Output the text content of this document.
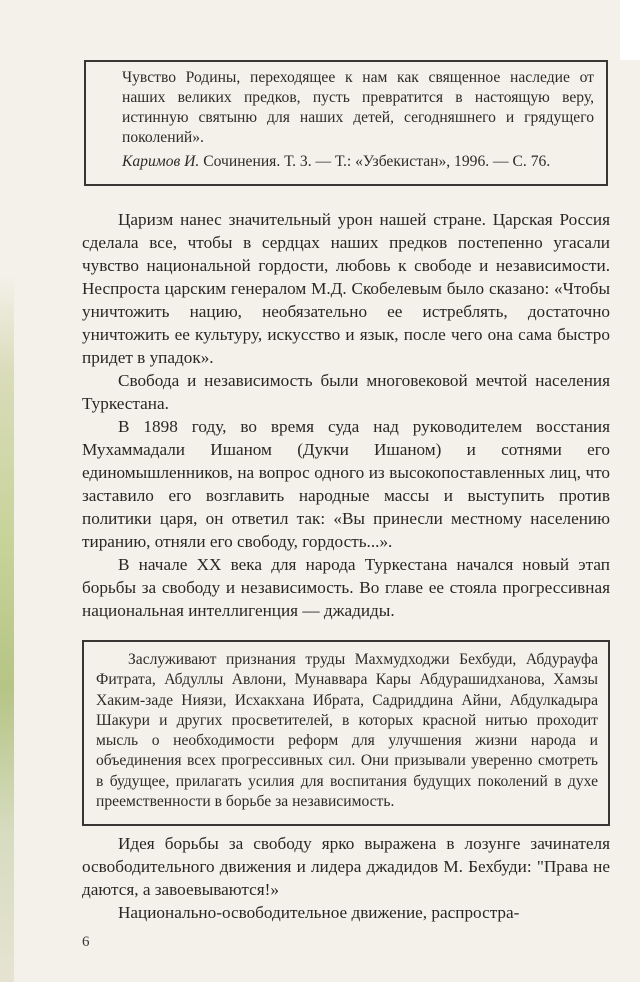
Чувство Родины, переходящее к нам как священное наследие от наших великих предков, пусть превратится в настоящую веру, истинную святыню для наших детей, сегодняшнего и грядущего поколений».

Каримов И. Сочинения. Т. 3. — Т.: «Узбекистан», 1996. — С. 76.

Царизм нанес значительный урон нашей стране. Царская Россия сделала все, чтобы в сердцах наших предков постепенно угасали чувство национальной гордости, любовь к свободе и независимости. Неспроста царским генералом М.Д. Скобелевым было сказано: «Чтобы уничтожить нацию, необязательно ее истреблять, достаточно уничтожить ее культуру, искусство и язык, после чего она сама быстро придет в упадок».

Свобода и независимость были многовековой мечтой населения Туркестана.

В 1898 году, во время суда над руководителем восстания Мухаммадали Ишаном (Дукчи Ишаном) и сотнями его единомышленников, на вопрос одного из высокопоставленных лиц, что заставило его возглавить народные массы и выступить против политики царя, он ответил так: «Вы принесли местному населению тиранию, отняли его свободу, гордость...».

В начале XX века для народа Туркестана начался новый этап борьбы за свободу и независимость. Во главе ее стояла прогрессивная национальная интеллигенция — джадиды.

Заслуживают признания труды Махмудходжи Бехбуди, Абдурауфа Фитрата, Абдуллы Авлони, Мунаввара Кары Абдурашидханова, Хамзы Хаким-заде Ниязи, Исхакхана Ибрата, Садриддина Айни, Абдулкадыра Шакури и других просветителей, в которых красной нитью проходит мысль о необходимости реформ для улучшения жизни народа и объединения всех прогрессивных сил. Они призывали уверенно смотреть в будущее, прилагать усилия для воспитания будущих поколений в духе преемственности в борьбе за независимость.

Идея борьбы за свободу ярко выражена в лозунге зачинателя освободительного движения и лидера джадидов М. Бехбуди: "Права не даются, а завоевываются!»

Национально-освободительное движение, распростра-

6
